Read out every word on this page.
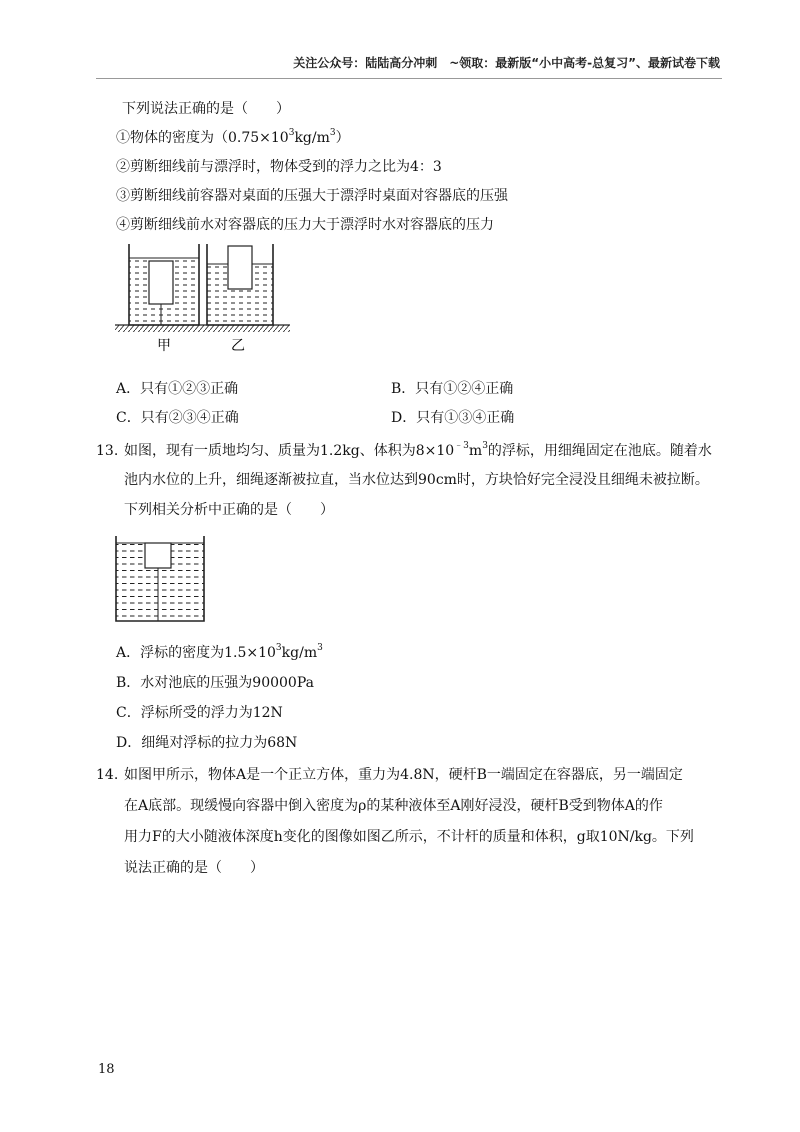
关注公众号：陆陆高分冲刺　~领取：最新版“小中高考-总复习”、最新试卷下载
下列说法正确的是（　　）
①物体的密度为$(0.75\times 10^3kg/m^3)$
②剪断细线前与漂浮时，物体受到的浮力之比为4：3
③剪断细线前容器对桌面的压强大于漂浮时桌面对容器底的压强
④剪断细线前水对容器底的压力大于漂浮时水对容器底的压力
甲	乙
A．只有①②③正确	B．只有①②④正确
C．只有②③④正确	D．只有①③④正确
13. 如图，现有一质地均匀、质量为1.2kg、体积为$8\times 10^{﹣3}m^3$的浮标，用细绳固定在池底。随着水
池内水位的上升，细绳逐渐被拉直，当水位达到90cm时，方块恰好完全浸没且细绳未被拉断。
下列相关分析中正确的是（　　）
A．浮标的密度为$1.5\times 10^3kg/m^3$
B．水对池底的压强为90000Pa
C．浮标所受的浮力为12N
D．细绳对浮标的拉力为68N
14. 如图甲所示，物体A是一个正立方体，重力为4.8N，硬杆B一端固定在容器底，另一端固定
在A底部。现缓慢向容器中倒入密度为ρ的某种液体至A刚好浸没，硬杆B受到物体A的作
用力F的大小随液体深度h变化的图像如图乙所示，不计杆的质量和体积，g取10N/kg。下列
说法正确的是（　　）
18
